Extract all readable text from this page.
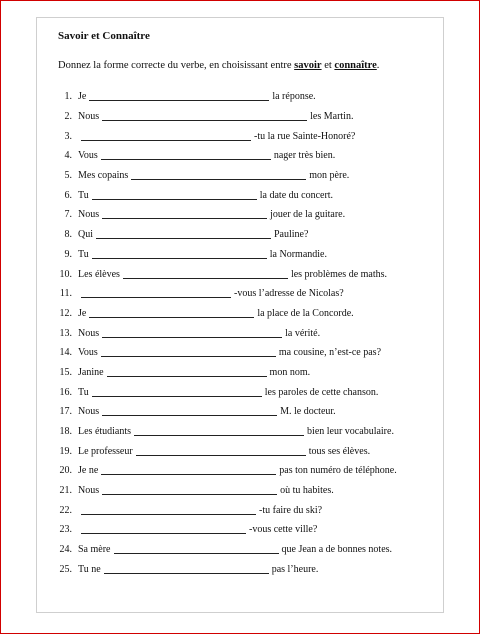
Savoir et Connaître
Donnez la forme correcte du verbe, en choisissant entre savoir et connaître.
1. Je	la réponse.
2. Nous	les Martin.
3.	-tu la rue Sainte-Honoré?
4. Vous	nager très bien.
5. Mes copains	mon père.
6. Tu	la date du concert.
7. Nous	jouer de la guitare.
8. Qui	Pauline?
9. Tu	la Normandie.
10. Les élèves	les problèmes de maths.
11.	-vous l’adresse de Nicolas?
12. Je	la place de la Concorde.
13. Nous	la vérité.
14. Vous	ma cousine, n’est-ce pas?
15. Janine	mon nom.
16. Tu	les paroles de cette chanson.
17. Nous	M. le docteur.
18. Les étudiants	bien leur vocabulaire.
19. Le professeur	tous ses élèves.
20. Je ne	pas ton numéro de téléphone.
21. Nous	où tu habites.
22.	-tu faire du ski?
23.	-vous cette ville?
24. Sa mère	que Jean a de bonnes notes.
25. Tu ne	pas l’heure.
